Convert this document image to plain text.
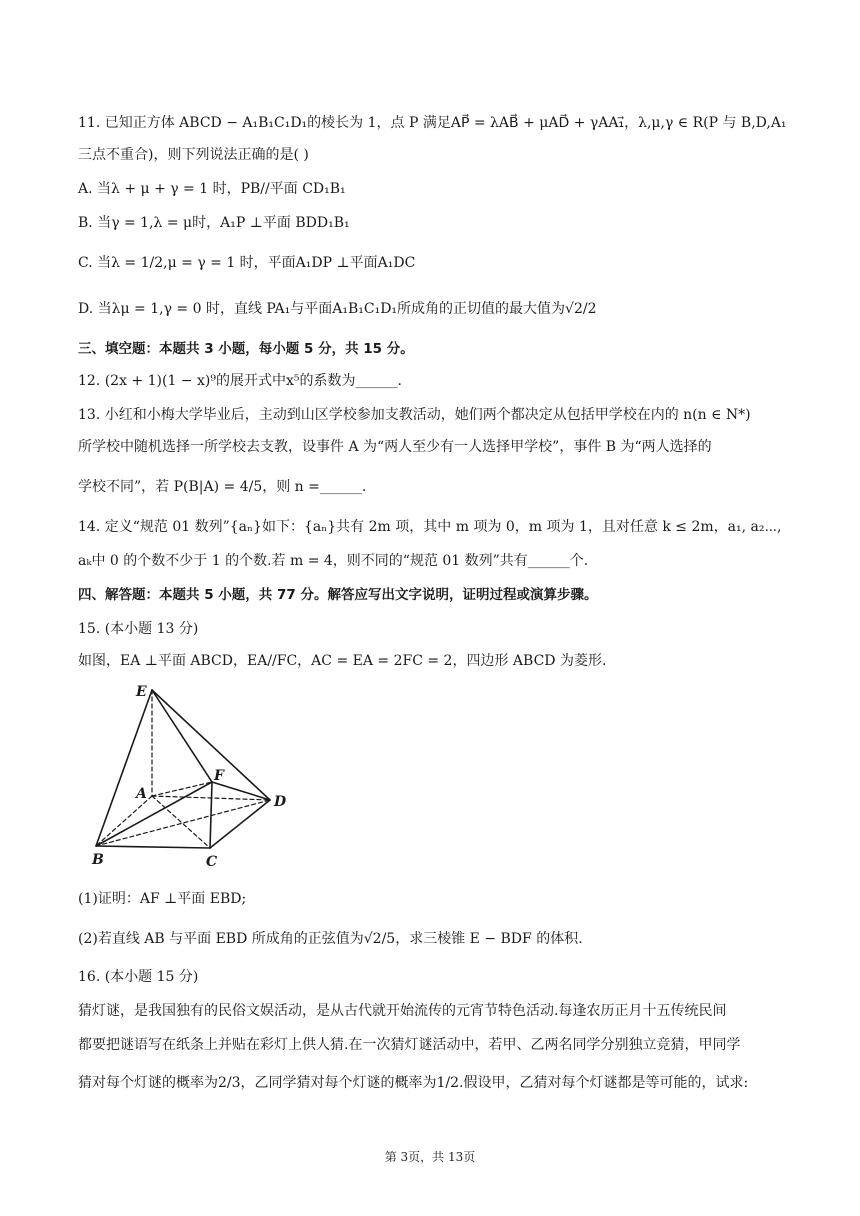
11. 已知正方体 ABCD − A₁B₁C₁D₁的棱长为 1，点 P 满足AP⃗ = λAB⃗ + μAD⃗ + γAA₁⃗，λ,μ,γ ∈ R(P 与 B,D,A₁
三点不重合)，则下列说法正确的是( )
A. 当λ + μ + γ = 1 时，PB//平面 CD₁B₁
B. 当γ = 1,λ = μ时，A₁P ⊥平面 BDD₁B₁
C. 当λ = 1/2,μ = γ = 1 时，平面A₁DP ⊥平面A₁DC
D. 当λμ = 1,γ = 0 时，直线 PA₁与平面A₁B₁C₁D₁所成角的正切值的最大值为√2/2
三、填空题：本题共 3 小题，每小题 5 分，共 15 分。
12. (2x + 1)(1 − x)⁹的展开式中x⁵的系数为______.
13. 小红和小梅大学毕业后，主动到山区学校参加支教活动，她们两个都决定从包括甲学校在内的 n(n ∈ N*)
所学校中随机选择一所学校去支教，设事件 A 为“两人至少有一人选择甲学校”，事件 B 为“两人选择的
学校不同”，若 P(B|A) = 4/5，则 n =______.
14. 定义“规范 01 数列”{aₙ}如下：{aₙ}共有 2m 项，其中 m 项为 0，m 项为 1，且对任意 k ≤ 2m，a₁, a₂⋯,
aₖ中 0 的个数不少于 1 的个数.若 m = 4，则不同的“规范 01 数列”共有______个.
四、解答题：本题共 5 小题，共 77 分。解答应写出文字说明，证明过程或演算步骤。
15. (本小题 13 分)
如图，EA ⊥平面 ABCD，EA//FC，AC = EA = 2FC = 2，四边形 ABCD 为菱形.
E
A
F
D
B	C
(1)证明：AF ⊥平面 EBD;
(2)若直线 AB 与平面 EBD 所成角的正弦值为√2/5，求三棱锥 E − BDF 的体积.
16. (本小题 15 分)
猜灯谜，是我国独有的民俗文娱活动，是从古代就开始流传的元宵节特色活动.每逢农历正月十五传统民间
都要把谜语写在纸条上并贴在彩灯上供人猜.在一次猜灯谜活动中，若甲、乙两名同学分别独立竞猜，甲同学
猜对每个灯谜的概率为2/3，乙同学猜对每个灯谜的概率为1/2.假设甲，乙猜对每个灯谜都是等可能的，试求:
第 3页，共 13页
